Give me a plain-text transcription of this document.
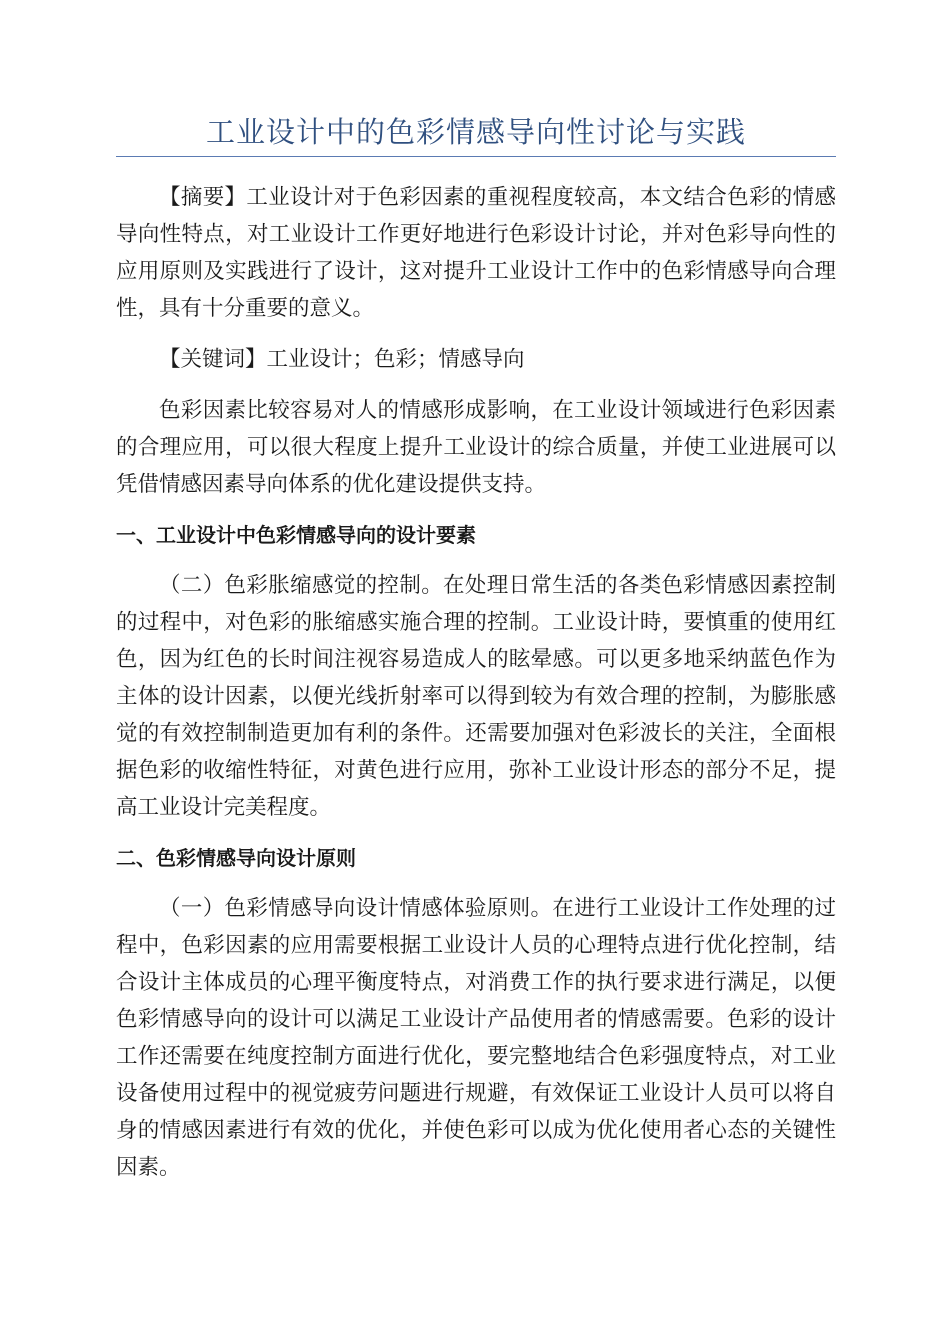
工业设计中的色彩情感导向性讨论与实践

【摘要】工业设计对于色彩因素的重视程度较高，本文结合色彩的情感导向性特点，对工业设计工作更好地进行色彩设计讨论，并对色彩导向性的应用原则及实践进行了设计，这对提升工业设计工作中的色彩情感导向合理性，具有十分重要的意义。

【关键词】工业设计；色彩；情感导向

色彩因素比较容易对人的情感形成影响，在工业设计领域进行色彩因素的合理应用，可以很大程度上提升工业设计的综合质量，并使工业进展可以凭借情感因素导向体系的优化建设提供支持。

一、工业设计中色彩情感导向的设计要素

（二）色彩胀缩感觉的控制。在处理日常生活的各类色彩情感因素控制的过程中，对色彩的胀缩感实施合理的控制。工业设计時，要慎重的使用红色，因为红色的长时间注视容易造成人的眩晕感。可以更多地采纳蓝色作为主体的设计因素，以便光线折射率可以得到较为有效合理的控制，为膨胀感觉的有效控制制造更加有利的条件。还需要加强对色彩波长的关注，全面根据色彩的收缩性特征，对黄色进行应用，弥补工业设计形态的部分不足，提高工业设计完美程度。

二、色彩情感导向设计原则

（一）色彩情感导向设计情感体验原则。在进行工业设计工作处理的过程中，色彩因素的应用需要根据工业设计人员的心理特点进行优化控制，结合设计主体成员的心理平衡度特点，对消费工作的执行要求进行满足，以便色彩情感导向的设计可以满足工业设计产品使用者的情感需要。色彩的设计工作还需要在纯度控制方面进行优化，要完整地结合色彩强度特点，对工业设备使用过程中的视觉疲劳问题进行规避，有效保证工业设计人员可以将自身的情感因素进行有效的优化，并使色彩可以成为优化使用者心态的关键性因素。
